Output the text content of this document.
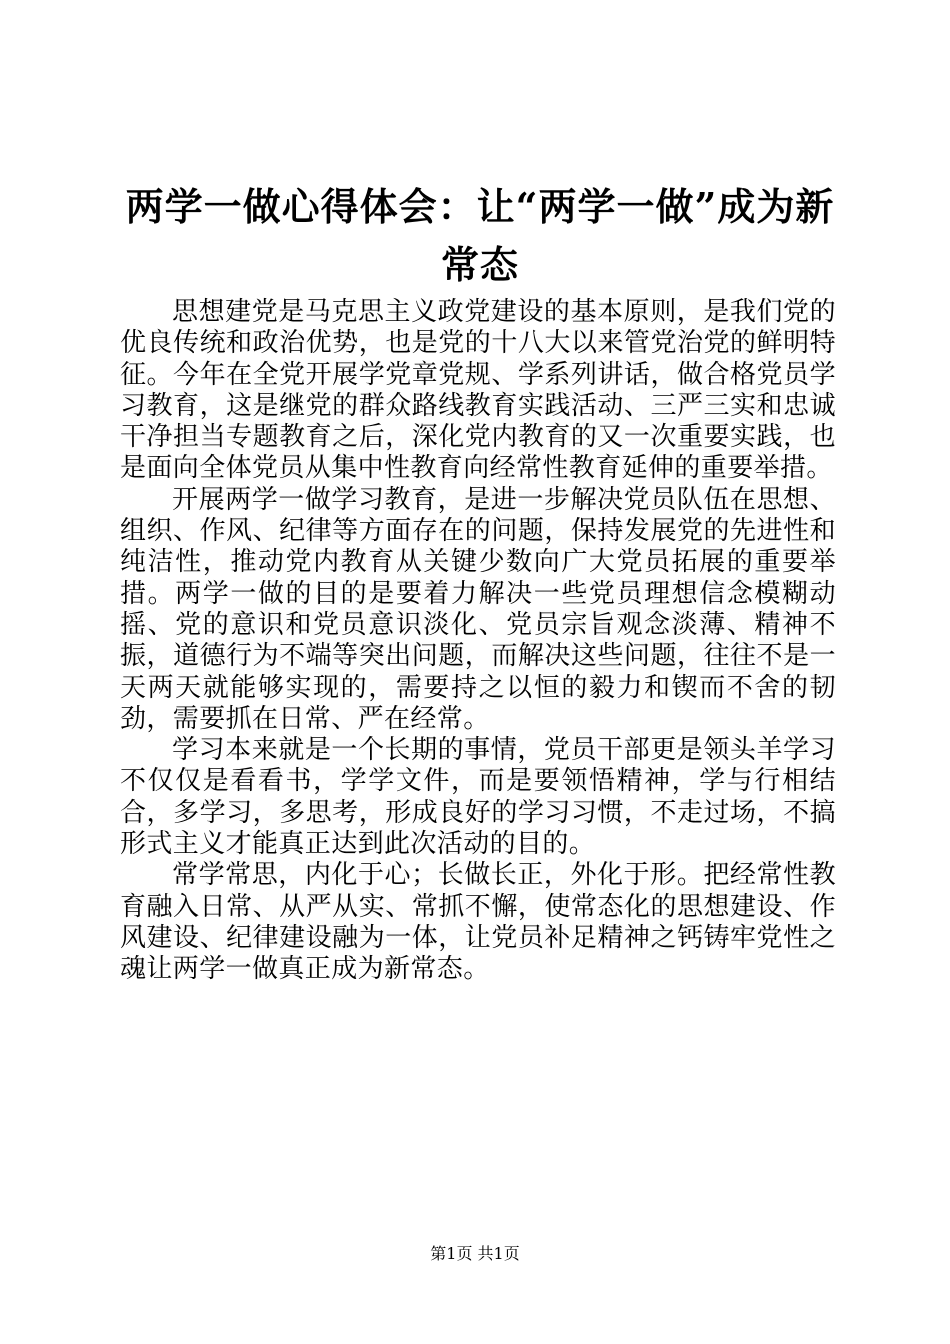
两学一做心得体会：让“两学一做”成为新常态

思想建党是马克思主义政党建设的基本原则，是我们党的优良传统和政治优势，也是党的十八大以来管党治党的鲜明特征。今年在全党开展学党章党规、学系列讲话，做合格党员学习教育，这是继党的群众路线教育实践活动、三严三实和忠诚干净担当专题教育之后，深化党内教育的又一次重要实践，也是面向全体党员从集中性教育向经常性教育延伸的重要举措。

开展两学一做学习教育，是进一步解决党员队伍在思想、组织、作风、纪律等方面存在的问题，保持发展党的先进性和纯洁性，推动党内教育从关键少数向广大党员拓展的重要举措。两学一做的目的是要着力解决一些党员理想信念模糊动摇、党的意识和党员意识淡化、党员宗旨观念淡薄、精神不振，道德行为不端等突出问题，而解决这些问题，往往不是一天两天就能够实现的，需要持之以恒的毅力和锲而不舍的韧劲，需要抓在日常、严在经常。

学习本来就是一个长期的事情，党员干部更是领头羊学习不仅仅是看看书，学学文件，而是要领悟精神，学与行相结合，多学习，多思考，形成良好的学习习惯，不走过场，不搞形式主义才能真正达到此次活动的目的。

常学常思，内化于心；长做长正，外化于形。把经常性教育融入日常、从严从实、常抓不懈，使常态化的思想建设、作风建设、纪律建设融为一体，让党员补足精神之钙铸牢党性之魂让两学一做真正成为新常态。

第1页 共1页
